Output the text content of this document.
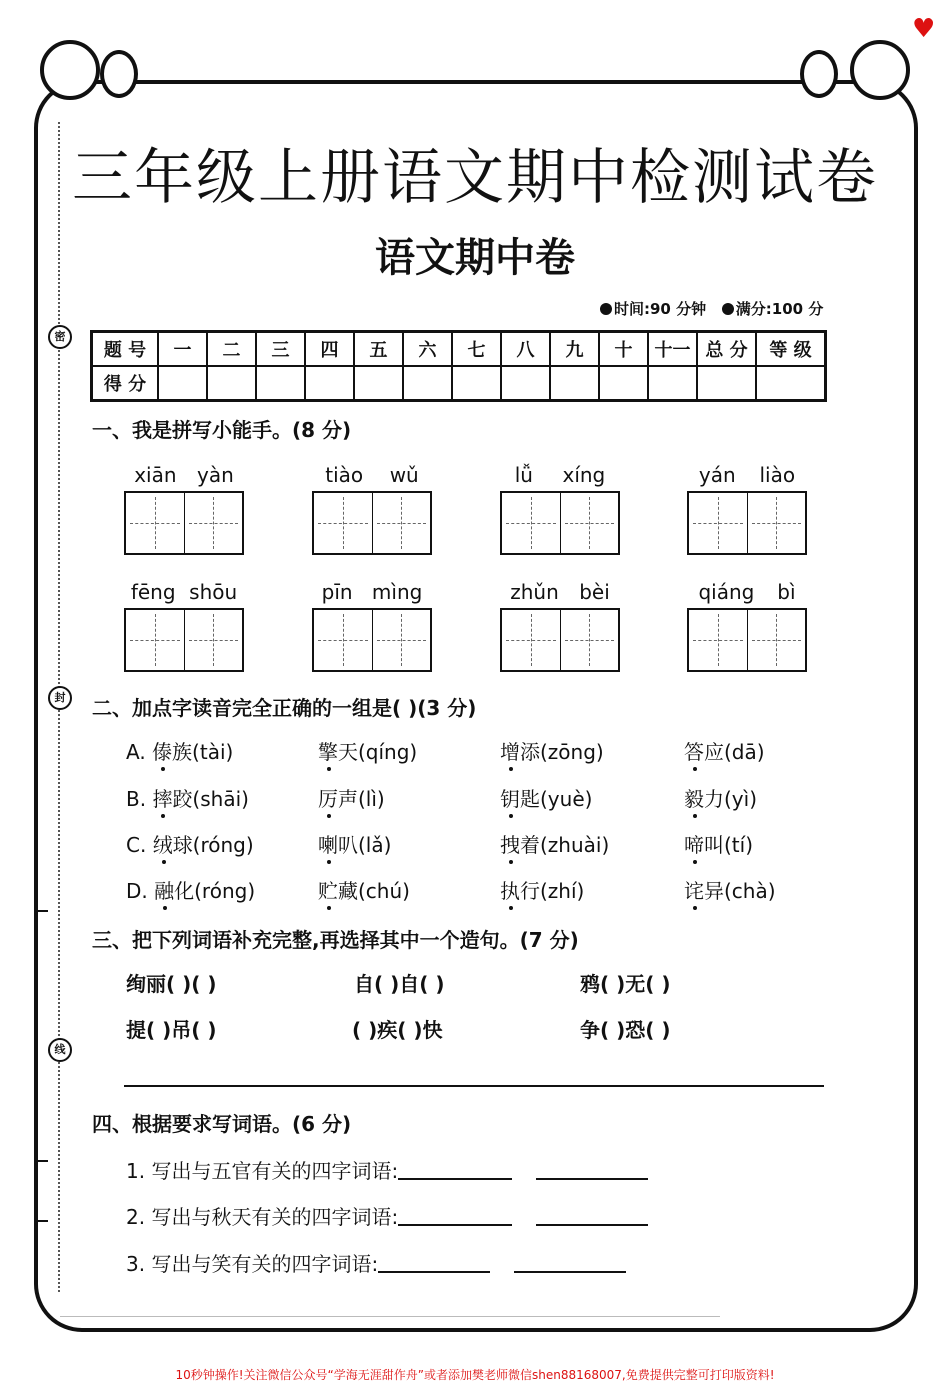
♥
密
封
线
三年级上册语文期中检测试卷
语文期中卷
时间:90 分钟 满分:100 分
题 号	一	二	三	四	五	六	七	八	九	十	十一	总 分	等 级
得 分													
一、我是拼写小能手。(8 分)
xiān yàn	tiào wǔ	lǚ xíng	yán liào
fēng shōu	pīn mìng	zhǔn bèi	qiáng bì
二、加点字读音完全正确的一组是( )(3 分)
A. 傣族(tài)	擎天(qíng)	增添(zōng)	答应(dā)
B. 摔跤(shāi)	厉声(lì)	钥匙(yuè)	毅力(yì)
C. 绒球(róng)	喇叭(lǎ)	拽着(zhuài)	啼叫(tí)
D. 融化(róng)	贮藏(chú)	执行(zhí)	诧异(chà)
三、把下列词语补充完整,再选择其中一个造句。(7 分)
绚丽( )( )	自( )自( )	鸦( )无( )
提( )吊( )	( )疾( )快	争( )恐( )
四、根据要求写词语。(6 分)
1. 写出与五官有关的四字词语:
2. 写出与秋天有关的四字词语:
3. 写出与笑有关的四字词语:
10秒钟操作!关注微信公众号“学海无涯甜作舟”或者添加樊老师微信shen88168007,免费提供完整可打印版资料!
